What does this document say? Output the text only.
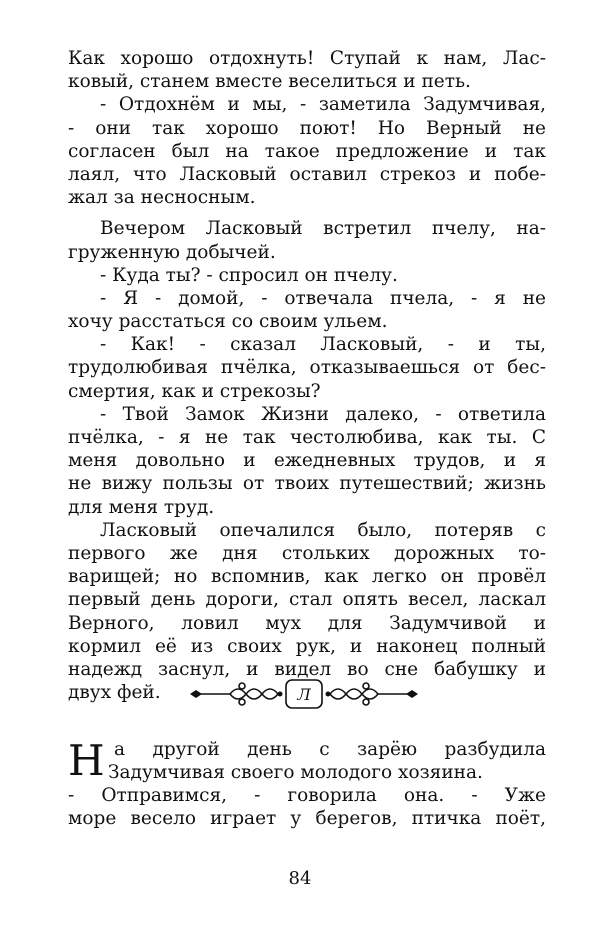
Как хорошо отдохнуть! Ступай к нам, Лас-
ковый, станем вместе веселиться и петь.
- Отдохнём и мы, - заметила Задумчивая,
- они так хорошо поют! Но Верный не
согласен был на такое предложение и так
лаял, что Ласковый оставил стрекоз и побе-
жал за несносным.
Вечером Ласковый встретил пчелу, на-
груженную добычей.
- Куда ты? - спросил он пчелу.
- Я - домой, - отвечала пчела, - я не
хочу расстаться со своим ульем.
- Как! - сказал Ласковый, - и ты,
трудолюбивая пчёлка, отказываешься от бес-
смертия, как и стрекозы?
- Твой Замок Жизни далеко, - ответила
пчёлка, - я не так честолюбива, как ты. С
меня довольно и ежедневных трудов, и я
не вижу пользы от твоих путешествий; жизнь
для меня труд.
Ласковый опечалился было, потеряв с
первого же дня стольких дорожных то-
варищей; но вспомнив, как легко он провёл
первый день дороги, стал опять весел, ласкал
Верного, ловил мух для Задумчивой и
кормил её из своих рук, и наконец полный
надежд заснул, и видел во сне бабушку и
двух фей.	Л
Н а другой день с зарёю разбудила
Задумчивая своего молодого хозяина.
- Отправимся, - говорила она. - Уже
море весело играет у берегов, птичка поёт,
84
